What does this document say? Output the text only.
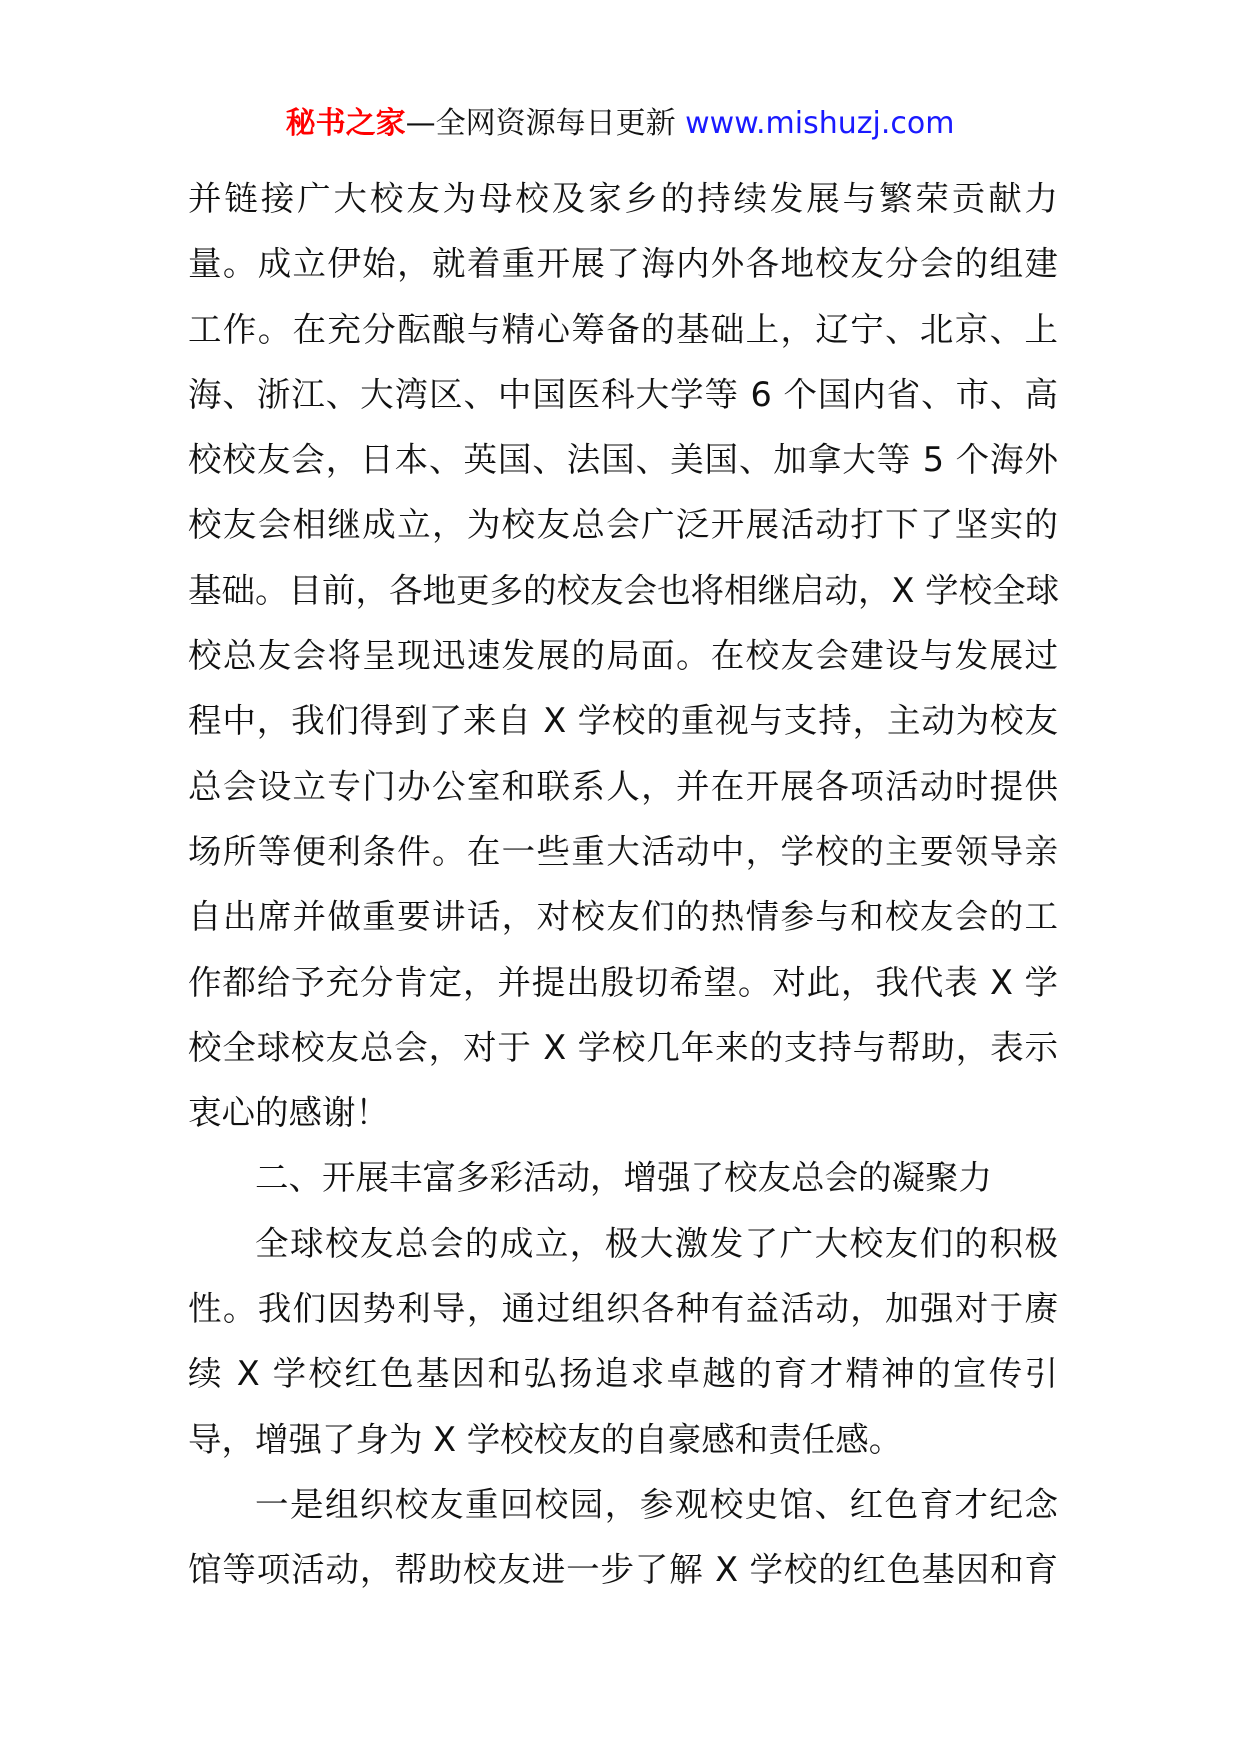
秘书之家—全网资源每日更新 www.mishuzj.com
并链接广大校友为母校及家乡的持续发展与繁荣贡献力
量。成立伊始，就着重开展了海内外各地校友分会的组建
工作。在充分酝酿与精心筹备的基础上，辽宁、北京、上
海、浙江、大湾区、中国医科大学等 6 个国内省、市、高
校校友会，日本、英国、法国、美国、加拿大等 5 个海外
校友会相继成立，为校友总会广泛开展活动打下了坚实的
基础。目前，各地更多的校友会也将相继启动，X 学校全球
校总友会将呈现迅速发展的局面。在校友会建设与发展过
程中，我们得到了来自 X 学校的重视与支持，主动为校友
总会设立专门办公室和联系人，并在开展各项活动时提供
场所等便利条件。在一些重大活动中，学校的主要领导亲
自出席并做重要讲话，对校友们的热情参与和校友会的工
作都给予充分肯定，并提出殷切希望。对此，我代表 X 学
校全球校友总会，对于 X 学校几年来的支持与帮助，表示
衷心的感谢！
二、开展丰富多彩活动，增强了校友总会的凝聚力
全球校友总会的成立，极大激发了广大校友们的积极
性。我们因势利导，通过组织各种有益活动，加强对于赓
续 X 学校红色基因和弘扬追求卓越的育才精神的宣传引
导，增强了身为 X 学校校友的自豪感和责任感。
一是组织校友重回校园，参观校史馆、红色育才纪念
馆等项活动，帮助校友进一步了解 X 学校的红色基因和育
